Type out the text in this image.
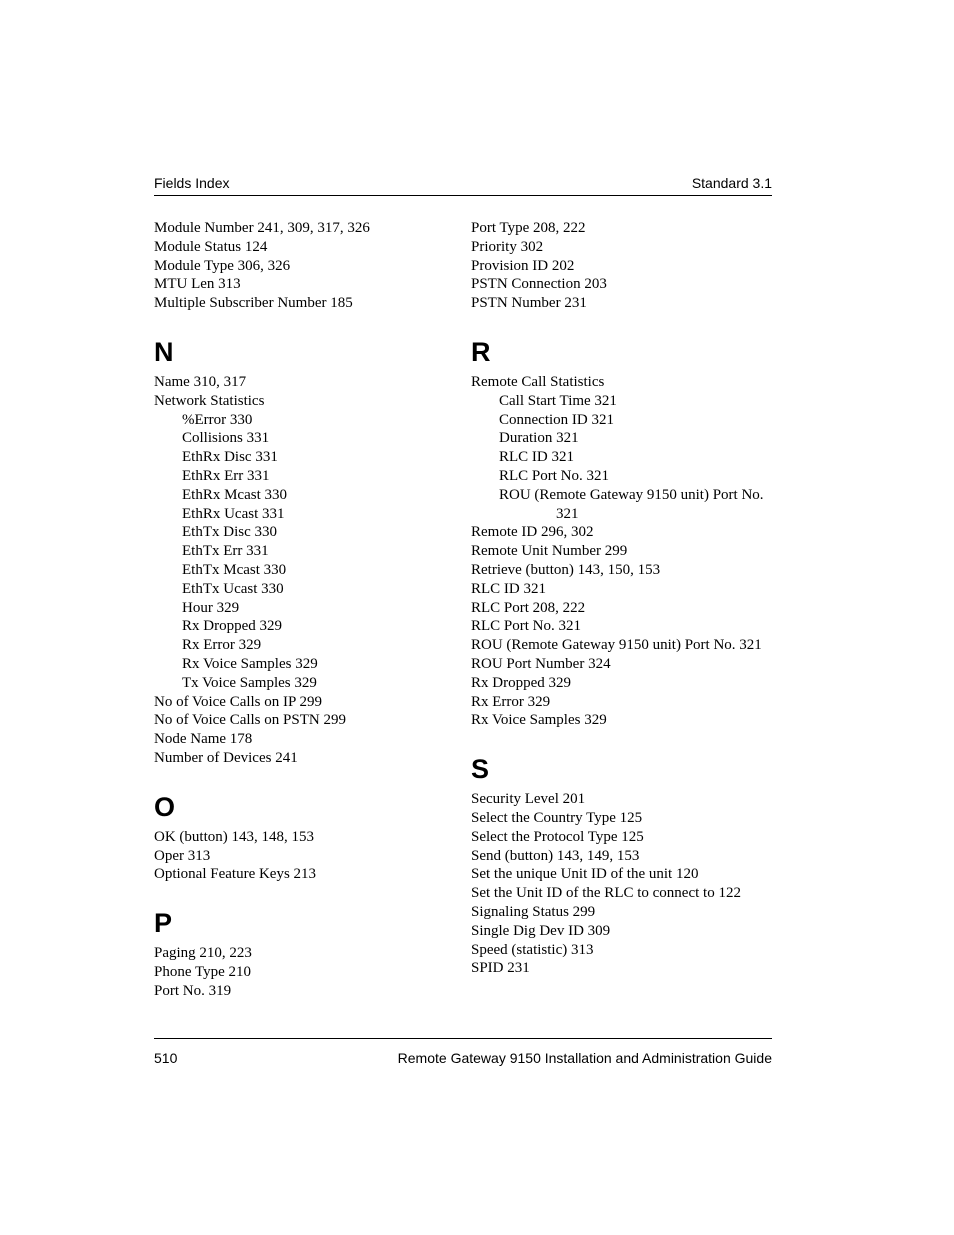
Fields Index	Standard 3.1
Module Number 241, 309, 317, 326
Module Status 124
Module Type 306, 326
MTU Len 313
Multiple Subscriber Number 185
N
Name 310, 317
Network Statistics
%Error 330
Collisions 331
EthRx Disc 331
EthRx Err 331
EthRx Mcast 330
EthRx Ucast 331
EthTx Disc 330
EthTx Err 331
EthTx Mcast 330
EthTx Ucast 330
Hour 329
Rx Dropped 329
Rx Error 329
Rx Voice Samples 329
Tx Voice Samples 329
No of Voice Calls on IP 299
No of Voice Calls on PSTN 299
Node Name 178
Number of Devices 241
O
OK (button) 143, 148, 153
Oper 313
Optional Feature Keys 213
P
Paging 210, 223
Phone Type 210
Port No. 319
Port Type 208, 222
Priority 302
Provision ID 202
PSTN Connection 203
PSTN Number 231
R
Remote Call Statistics
Call Start Time 321
Connection ID 321
Duration 321
RLC ID 321
RLC Port No. 321
ROU (Remote Gateway 9150 unit) Port No.
321
Remote ID 296, 302
Remote Unit Number 299
Retrieve (button) 143, 150, 153
RLC ID 321
RLC Port 208, 222
RLC Port No. 321
ROU (Remote Gateway 9150 unit) Port No. 321
ROU Port Number 324
Rx Dropped 329
Rx Error 329
Rx Voice Samples 329
S
Security Level 201
Select the Country Type 125
Select the Protocol Type 125
Send (button) 143, 149, 153
Set the unique Unit ID of the unit 120
Set the Unit ID of the RLC to connect to 122
Signaling Status 299
Single Dig Dev ID 309
Speed (statistic) 313
SPID 231
510	Remote Gateway 9150 Installation and Administration Guide
